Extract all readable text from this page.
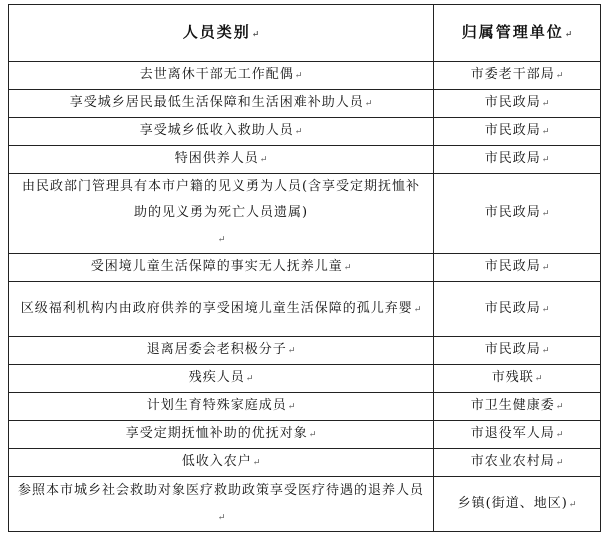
人员类别↵	归属管理单位↵
去世离休干部无工作配偶↵	市委老干部局↵
享受城乡居民最低生活保障和生活困难补助人员↵	市民政局↵
享受城乡低收入救助人员↵	市民政局↵
特困供养人员↵	市民政局↵
由民政部门管理具有本市户籍的见义勇为人员(含享受定期抚恤补助的见义勇为死亡人员遗属)↵	市民政局↵
受困境儿童生活保障的事实无人抚养儿童↵	市民政局↵
区级福利机构内由政府供养的享受困境儿童生活保障的孤儿弃婴↵	市民政局↵
退离居委会老积极分子↵	市民政局↵
残疾人员↵	市残联↵
计划生育特殊家庭成员↵	市卫生健康委↵
享受定期抚恤补助的优抚对象↵	市退役军人局↵
低收入农户↵	市农业农村局↵
参照本市城乡社会救助对象医疗救助政策享受医疗待遇的退养人员↵	乡镇(街道、地区)↵
